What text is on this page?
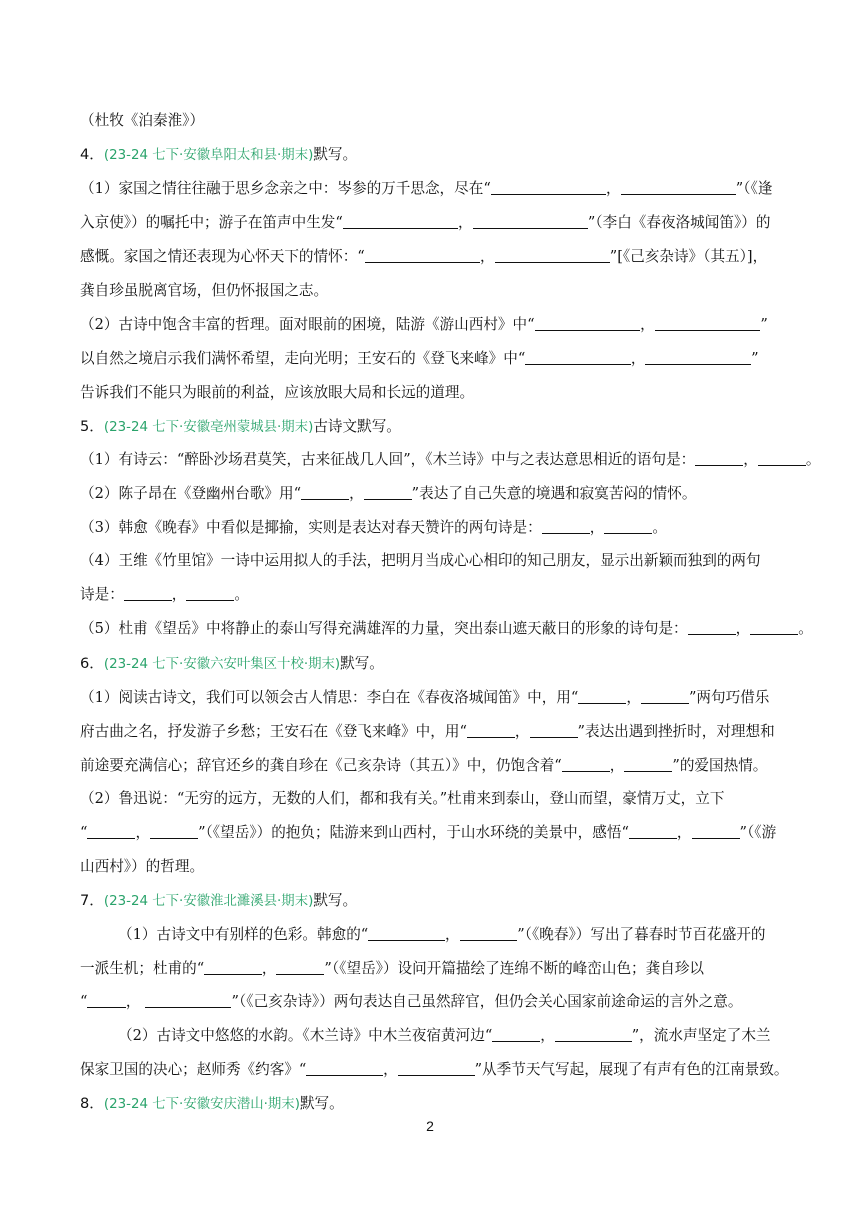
（杜牧《泊秦淮》）
4．(23-24 七下·安徽阜阳太和县·期末)默写。
（1）家国之情往往融于思乡念亲之中：岑参的万千思念，尽在“	，	”（《逢
入京使》）的嘱托中；游子在笛声中生发“	，	”（李白《春夜洛城闻笛》）的
感慨。家国之情还表现为心怀天下的情怀：“	，	”[《己亥杂诗》（其五）]，
龚自珍虽脱离官场，但仍怀报国之志。
（2）古诗中饱含丰富的哲理。面对眼前的困境，陆游《游山西村》中“	，	”
以自然之境启示我们满怀希望，走向光明；王安石的《登飞来峰》中“	，	”
告诉我们不能只为眼前的利益，应该放眼大局和长远的道理。
5．(23-24 七下·安徽亳州蒙城县·期末)古诗文默写。
（1）有诗云：“醉卧沙场君莫笑，古来征战几人回”，《木兰诗》中与之表达意思相近的语句是：	，	。
（2）陈子昂在《登幽州台歌》用“	，	”表达了自己失意的境遇和寂寞苦闷的情怀。
（3）韩愈《晚春》中看似是揶揄，实则是表达对春天赞许的两句诗是：	，	。
（4）王维《竹里馆》一诗中运用拟人的手法，把明月当成心心相印的知己朋友，显示出新颖而独到的两句
诗是：	，	。
（5）杜甫《望岳》中将静止的泰山写得充满雄浑的力量，突出泰山遮天蔽日的形象的诗句是：	，	。
6．(23-24 七下·安徽六安叶集区十校·期末)默写。
（1）阅读古诗文，我们可以领会古人情思：李白在《春夜洛城闻笛》中，用“	，	”两句巧借乐
府古曲之名，抒发游子乡愁；王安石在《登飞来峰》中，用“	，	”表达出遇到挫折时，对理想和
前途要充满信心；辞官还乡的龚自珍在《己亥杂诗（其五）》中，仍饱含着“	，	”的爱国热情。
（2）鲁迅说：“无穷的远方，无数的人们，都和我有关。”杜甫来到泰山，登山而望，豪情万丈，立下
“	，	”（《望岳》）的抱负；陆游来到山西村，于山水环绕的美景中，感悟“	，	”（《游
山西村》）的哲理。
7．(23-24 七下·安徽淮北濉溪县·期末)默写。
（1）古诗文中有别样的色彩。韩愈的“	，	”（《晚春》）写出了暮春时节百花盛开的
一派生机；杜甫的“	，	”（《望岳》）设问开篇描绘了连绵不断的峰峦山色；龚自珍以
“	，	”（《己亥杂诗》）两句表达自己虽然辞官，但仍会关心国家前途命运的言外之意。
（2）古诗文中悠悠的水韵。《木兰诗》中木兰夜宿黄河边“	，	”，流水声坚定了木兰
保家卫国的决心；赵师秀《约客》“	，	”从季节天气写起，展现了有声有色的江南景致。
8．(23-24 七下·安徽安庆潜山·期末)默写。
2
